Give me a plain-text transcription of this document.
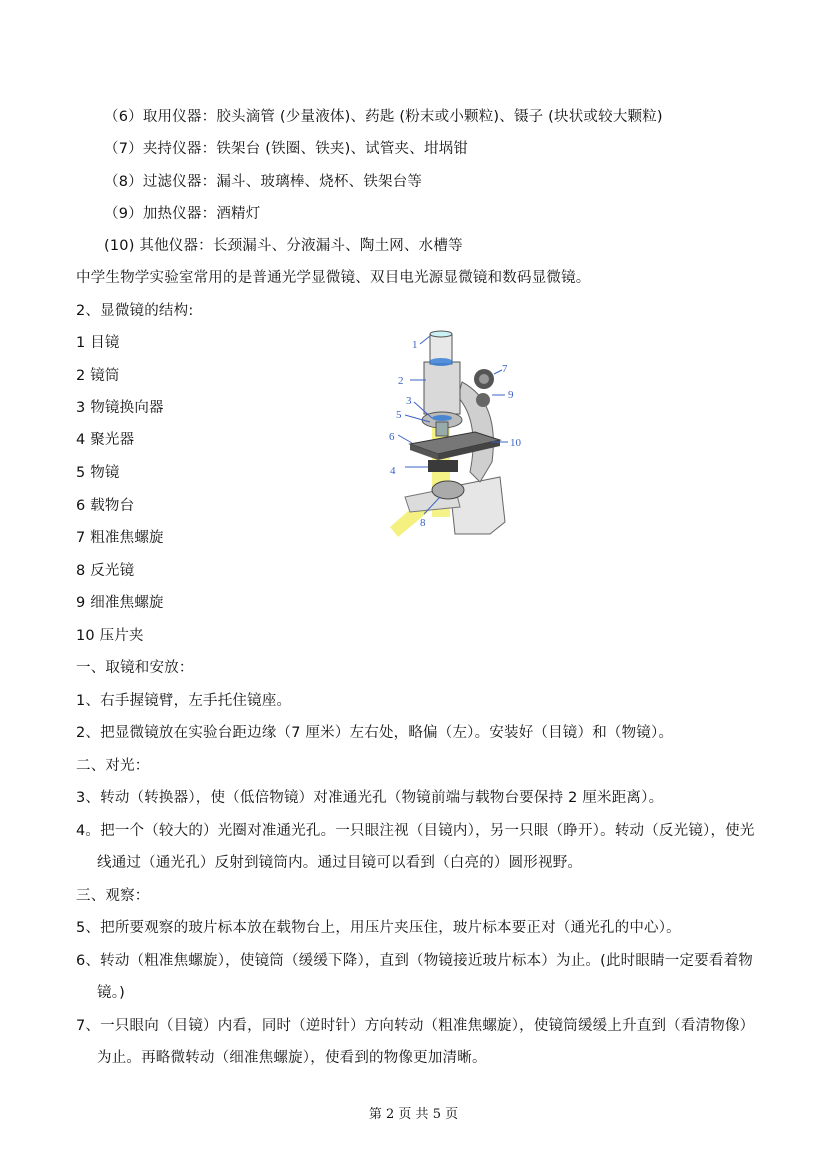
（6）取用仪器：胶头滴管 (少量液体)、药匙 (粉末或小颗粒)、镊子 (块状或较大颗粒)
（7）夹持仪器：铁架台 (铁圈、铁夹)、试管夹、坩埚钳
（8）过滤仪器：漏斗、玻璃棒、烧杯、铁架台等
（9）加热仪器：酒精灯
(10) 其他仪器：长颈漏斗、分液漏斗、陶土网、水槽等
中学生物学实验室常用的是普通光学显微镜、双目电光源显微镜和数码显微镜。
2、显微镜的结构:
1 目镜
2 镜筒
3 物镜换向器
4 聚光器
5 物镜
6 载物台
7 粗准焦螺旋
8 反光镜
9 细准焦螺旋
10 压片夹
一、取镜和安放：
1、右手握镜臂，左手托住镜座。
2、把显微镜放在实验台距边缘（7 厘米）左右处，略偏（左）。安装好（目镜）和（物镜）。
二、对光：
3、转动（转换器），使（低倍物镜）对准通光孔（物镜前端与载物台要保持 2 厘米距离）。
4。把一个（较大的）光圈对准通光孔。一只眼注视（目镜内），另一只眼（睁开）。转动（反光镜），使光
线通过（通光孔）反射到镜筒内。通过目镜可以看到（白亮的）圆形视野。
三、观察：
5、把所要观察的玻片标本放在载物台上，用压片夹压住，玻片标本要正对（通光孔的中心）。
6、转动（粗准焦螺旋），使镜筒（缓缓下降），直到（物镜接近玻片标本）为止。(此时眼睛一定要看着物
镜。)
7、一只眼向（目镜）内看，同时（逆时针）方向转动（粗准焦螺旋），使镜筒缓缓上升直到（看清物像）
为止。再略微转动（细准焦螺旋），使看到的物像更加清晰。
1
2
3
4
5
6
7
8
9
10
第 2 页 共 5 页
